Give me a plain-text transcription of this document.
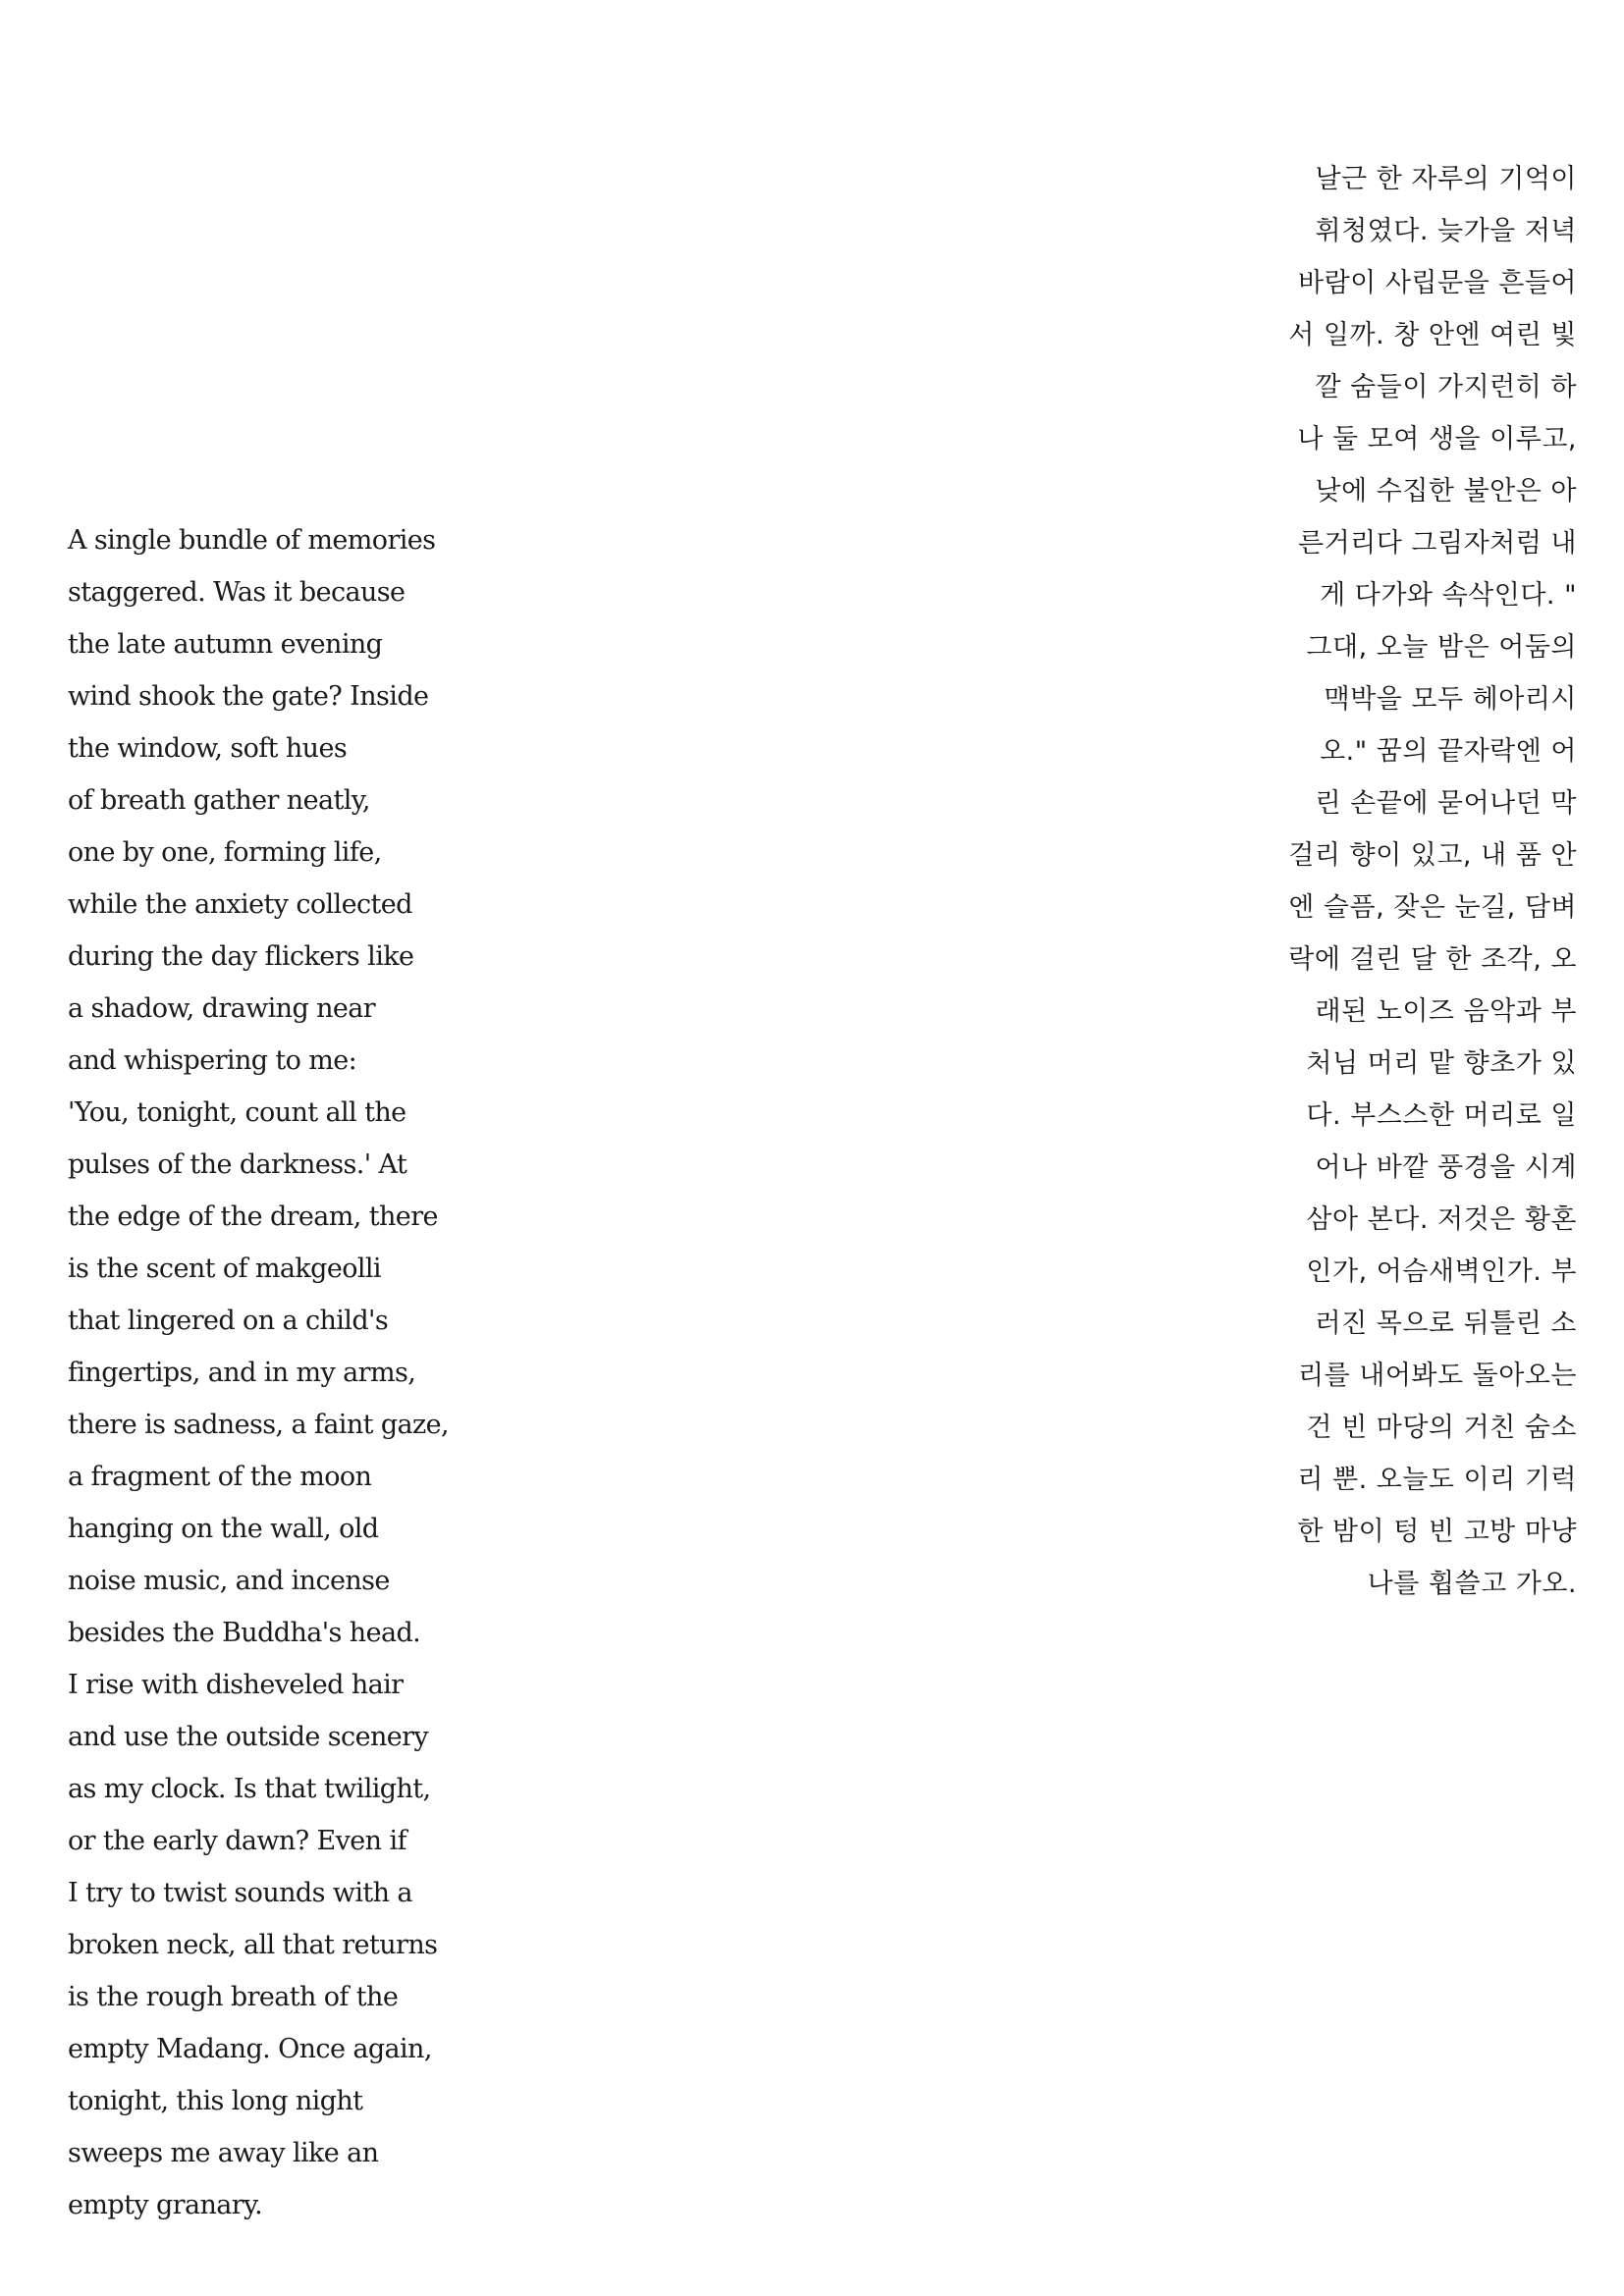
날근 한 자루의 기억이
휘청였다. 늦가을 저녁
바람이 사립문을 흔들어
서 일까. 창 안엔 여린 빛
깔 숨들이 가지런히 하
나 둘 모여 생을 이루고,
낮에 수집한 불안은 아
른거리다 그림자처럼 내
게 다가와 속삭인다. "
그대, 오늘 밤은 어둠의
맥박을 모두 헤아리시
오." 꿈의 끝자락엔 어
린 손끝에 묻어나던 막
걸리 향이 있고, 내 품 안
엔 슬픔, 잦은 눈길, 담벼
락에 걸린 달 한 조각, 오
래된 노이즈 음악과 부
처님 머리 맡 향초가 있
다. 부스스한 머리로 일
어나 바깥 풍경을 시계
삼아 본다. 저것은 황혼
인가, 어슴새벽인가. 부
러진 목으로 뒤틀린 소
리를 내어봐도 돌아오는
건 빈 마당의 거친 숨소
리 뿐. 오늘도 이리 기럭
한 밤이 텅 빈 고방 마냥
나를 휩쓸고 가오.
A single bundle of memories
staggered. Was it because
the late autumn evening
wind shook the gate? Inside
the window, soft hues
of breath gather neatly,
one by one, forming life,
while the anxiety collected
during the day flickers like
a shadow, drawing near
and whispering to me:
'You, tonight, count all the
pulses of the darkness.' At
the edge of the dream, there
is the scent of makgeolli
that lingered on a child's
fingertips, and in my arms,
there is sadness, a faint gaze,
a fragment of the moon
hanging on the wall, old
noise music, and incense
besides the Buddha's head.
I rise with disheveled hair
and use the outside scenery
as my clock. Is that twilight,
or the early dawn? Even if
I try to twist sounds with a
broken neck, all that returns
is the rough breath of the
empty Madang. Once again,
tonight, this long night
sweeps me away like an
empty granary.
